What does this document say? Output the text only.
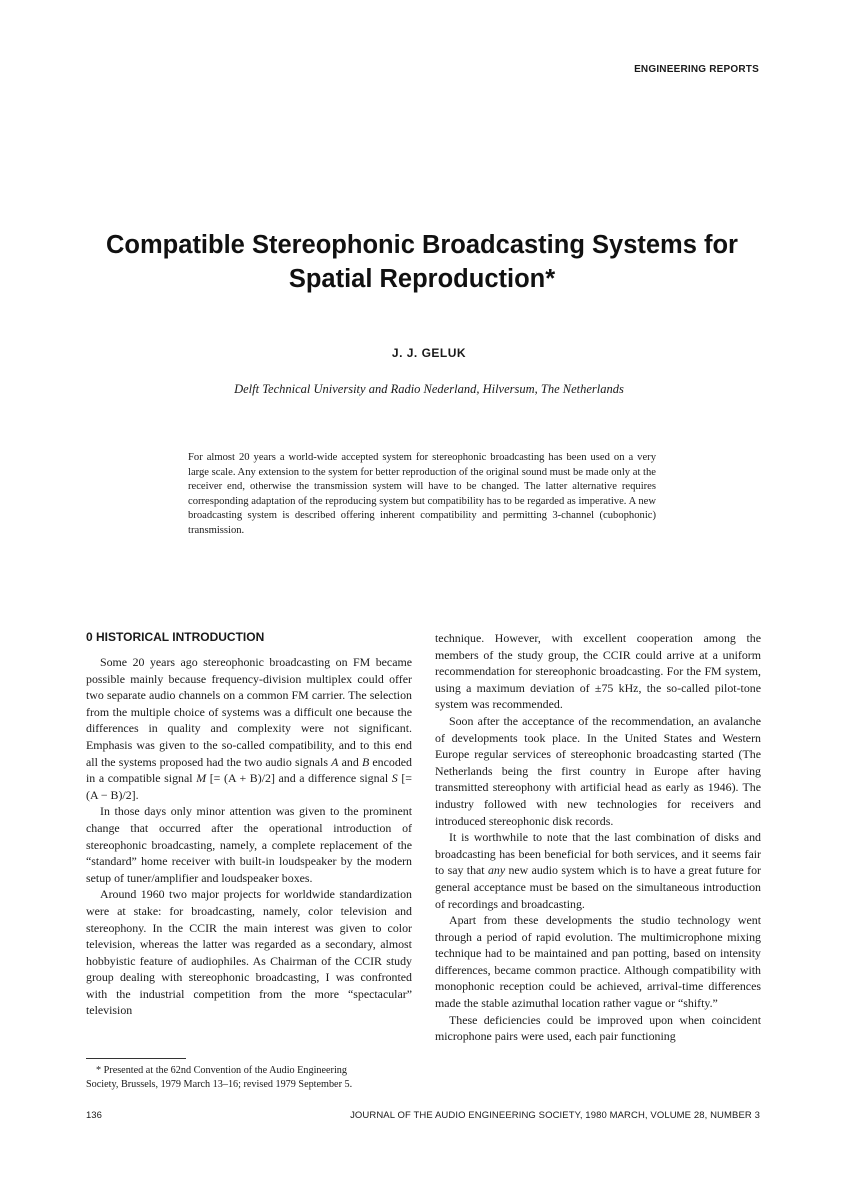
ENGINEERING REPORTS
Compatible Stereophonic Broadcasting Systems for
Spatial Reproduction*
J. J. GELUK
Delft Technical University and Radio Nederland, Hilversum, The Netherlands
For almost 20 years a world-wide accepted system for stereophonic broadcasting has been used on a very large scale. Any extension to the system for better reproduction of the original sound must be made only at the receiver end, otherwise the transmission system will have to be changed. The latter alternative requires corresponding adaptation of the reproducing system but compatibility has to be regarded as imperative. A new broadcasting system is described offering inherent compatibility and permitting 3-channel (cubophonic) transmission.
0 HISTORICAL INTRODUCTION

Some 20 years ago stereophonic broadcasting on FM became possible mainly because frequency-division multiplex could offer two separate audio channels on a common FM carrier. The selection from the multiple choice of systems was a difficult one because the differences in quality and complexity were not significant. Emphasis was given to the so-called compatibility, and to this end all the systems proposed had the two audio signals A and B encoded in a compatible signal M [= (A + B)/2] and a difference signal S [= (A − B)/2].

In those days only minor attention was given to the prominent change that occurred after the operational introduction of stereophonic broadcasting, namely, a complete replacement of the “standard” home receiver with built-in loudspeaker by the modern setup of tuner/amplifier and loudspeaker boxes.

Around 1960 two major projects for worldwide standardization were at stake: for broadcasting, namely, color television and stereophony. In the CCIR the main interest was given to color television, whereas the latter was regarded as a secondary, almost hobbyistic feature of audiophiles. As Chairman of the CCIR study group dealing with stereophonic broadcasting, I was confronted with the industrial competition from the more “spectacular” television

technique. However, with excellent cooperation among the members of the study group, the CCIR could arrive at a uniform recommendation for stereophonic broadcasting. For the FM system, using a maximum deviation of ±75 kHz, the so-called pilot-tone system was recommended.

Soon after the acceptance of the recommendation, an avalanche of developments took place. In the United States and Western Europe regular services of stereophonic broadcasting started (The Netherlands being the first country in Europe after having transmitted stereophony with artificial head as early as 1946). The industry followed with new technologies for receivers and introduced stereophonic disk records.

It is worthwhile to note that the last combination of disks and broadcasting has been beneficial for both services, and it seems fair to say that any new audio system which is to have a great future for general acceptance must be based on the simultaneous introduction of recordings and broadcasting.

Apart from these developments the studio technology went through a period of rapid evolution. The multimicrophone mixing technique had to be maintained and pan potting, based on intensity differences, became common practice. Although compatibility with monophonic reception could be achieved, arrival-time differences made the stable azimuthal location rather vague or “shifty.”

These deficiencies could be improved upon when coincident microphone pairs were used, each pair functioning

* Presented at the 62nd Convention of the Audio Engineering
Society, Brussels, 1979 March 13–16; revised 1979 September 5.
136	JOURNAL OF THE AUDIO ENGINEERING SOCIETY, 1980 MARCH, VOLUME 28, NUMBER 3
